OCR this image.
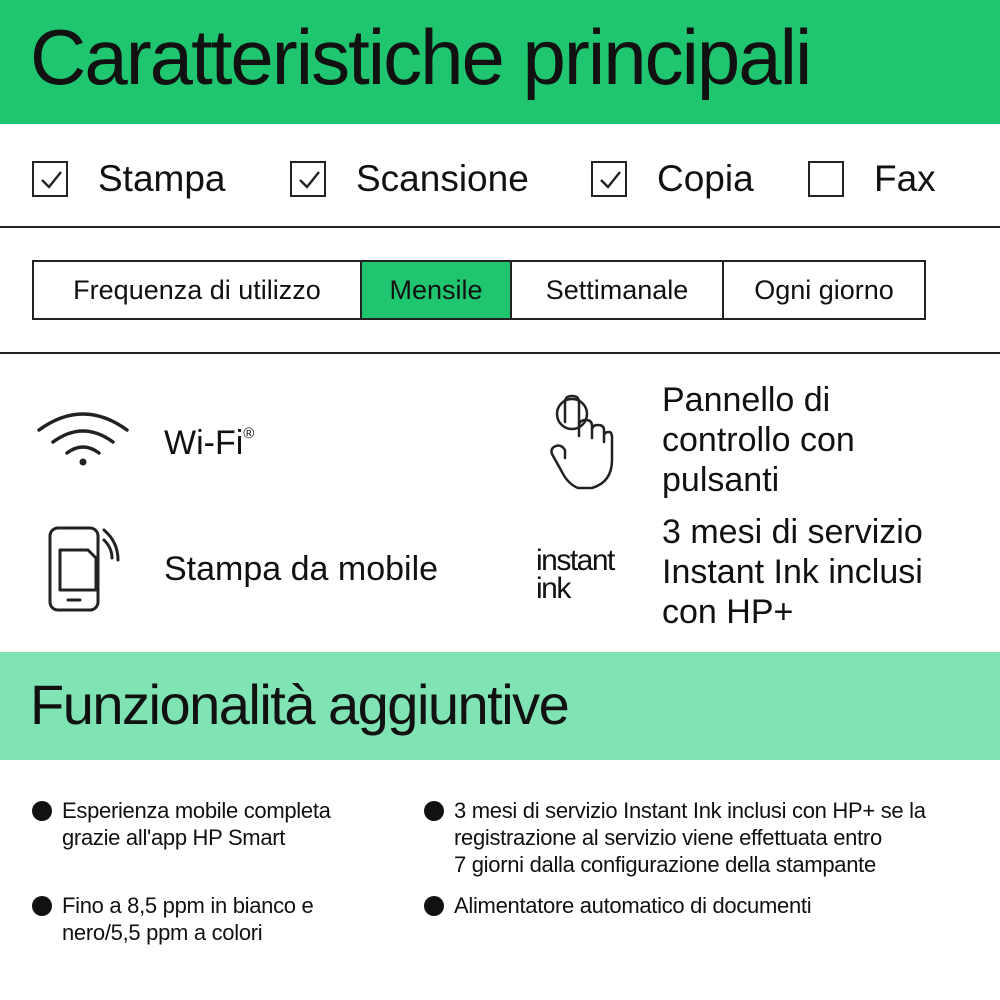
Caratteristiche principali
Stampa	Scansione	Copia	Fax
Frequenza di utilizzo	Mensile	Settimanale	Ogni giorno
Wi-Fi®
Stampa da mobile
Pannello di
controllo con
pulsanti
instant
ink
3 mesi di servizio
Instant Ink inclusi
con HP+
Funzionalità aggiuntive
Esperienza mobile completa
grazie all'app HP Smart
3 mesi di servizio Instant Ink inclusi con HP+ se la
registrazione al servizio viene effettuata entro
7 giorni dalla configurazione della stampante
Fino a 8,5 ppm in bianco e
nero/5,5 ppm a colori
Alimentatore automatico di documenti
